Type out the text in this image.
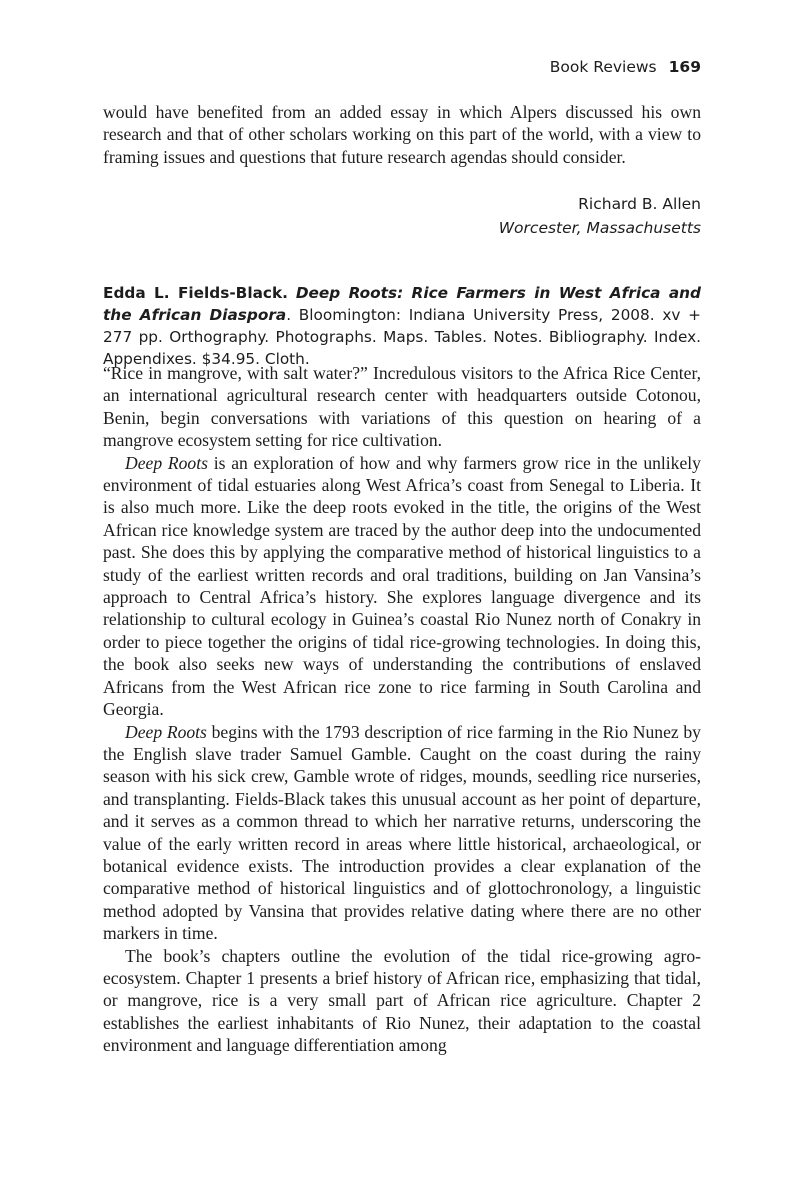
Book Reviews 169

would have benefited from an added essay in which Alpers discussed his own research and that of other scholars working on this part of the world, with a view to framing issues and questions that future research agendas should consider.

Richard B. Allen
Worcester, Massachusetts

Edda L. Fields-Black. Deep Roots: Rice Farmers in West Africa and the African Diaspora. Bloomington: Indiana University Press, 2008. xv + 277 pp. Orthography. Photographs. Maps. Tables. Notes. Bibliography. Index. Appendixes. $34.95. Cloth.

“Rice in mangrove, with salt water?” Incredulous visitors to the Africa Rice Center, an international agricultural research center with headquarters outside Cotonou, Benin, begin conversations with variations of this question on hearing of a mangrove ecosystem setting for rice cultivation.

Deep Roots is an exploration of how and why farmers grow rice in the unlikely environment of tidal estuaries along West Africa’s coast from Senegal to Liberia. It is also much more. Like the deep roots evoked in the title, the origins of the West African rice knowledge system are traced by the author deep into the undocumented past. She does this by applying the comparative method of historical linguistics to a study of the earliest written records and oral traditions, building on Jan Vansina’s approach to Central Africa’s history. She explores language divergence and its relationship to cultural ecology in Guinea’s coastal Rio Nunez north of Conakry in order to piece together the origins of tidal rice-growing technologies. In doing this, the book also seeks new ways of understanding the contributions of enslaved Africans from the West African rice zone to rice farming in South Carolina and Georgia.

Deep Roots begins with the 1793 description of rice farming in the Rio Nunez by the English slave trader Samuel Gamble. Caught on the coast during the rainy season with his sick crew, Gamble wrote of ridges, mounds, seedling rice nurseries, and transplanting. Fields-Black takes this unusual account as her point of departure, and it serves as a common thread to which her narrative returns, underscoring the value of the early written record in areas where little historical, archaeological, or botanical evidence exists. The introduction provides a clear explanation of the comparative method of historical linguistics and of glottochronology, a linguistic method adopted by Vansina that provides relative dating where there are no other markers in time.

The book’s chapters outline the evolution of the tidal rice-growing agro-ecosystem. Chapter 1 presents a brief history of African rice, emphasizing that tidal, or mangrove, rice is a very small part of African rice agriculture. Chapter 2 establishes the earliest inhabitants of Rio Nunez, their adaptation to the coastal environment and language differentiation among
